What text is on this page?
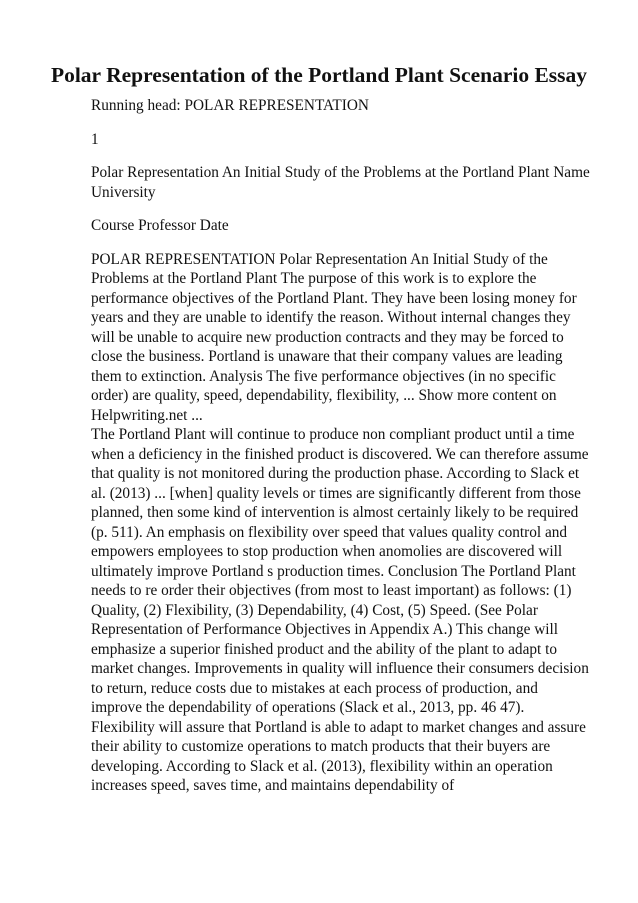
Polar Representation of the Portland Plant Scenario Essay

Running head: POLAR REPRESENTATION

1

Polar Representation An Initial Study of the Problems at the Portland Plant Name University

Course Professor Date

POLAR REPRESENTATION Polar Representation An Initial Study of the Problems at the Portland Plant The purpose of this work is to explore the performance objectives of the Portland Plant. They have been losing money for years and they are unable to identify the reason. Without internal changes they will be unable to acquire new production contracts and they may be forced to close the business. Portland is unaware that their company values are leading them to extinction. Analysis The five performance objectives (in no specific order) are quality, speed, dependability, flexibility, ... Show more content on Helpwriting.net ...

The Portland Plant will continue to produce non compliant product until a time when a deficiency in the finished product is discovered. We can therefore assume that quality is not monitored during the production phase. According to Slack et al. (2013) ... [when] quality levels or times are significantly different from those planned, then some kind of intervention is almost certainly likely to be required (p. 511). An emphasis on flexibility over speed that values quality control and empowers employees to stop production when anomolies are discovered will ultimately improve Portland s production times. Conclusion The Portland Plant needs to re order their objectives (from most to least important) as follows: (1) Quality, (2) Flexibility, (3) Dependability, (4) Cost, (5) Speed. (See Polar Representation of Performance Objectives in Appendix A.) This change will emphasize a superior finished product and the ability of the plant to adapt to market changes. Improvements in quality will influence their consumers decision to return, reduce costs due to mistakes at each process of production, and improve the dependability of operations (Slack et al., 2013, pp. 46 47). Flexibility will assure that Portland is able to adapt to market changes and assure their ability to customize operations to match products that their buyers are developing. According to Slack et al. (2013), flexibility within an operation increases speed, saves time, and maintains dependability of
